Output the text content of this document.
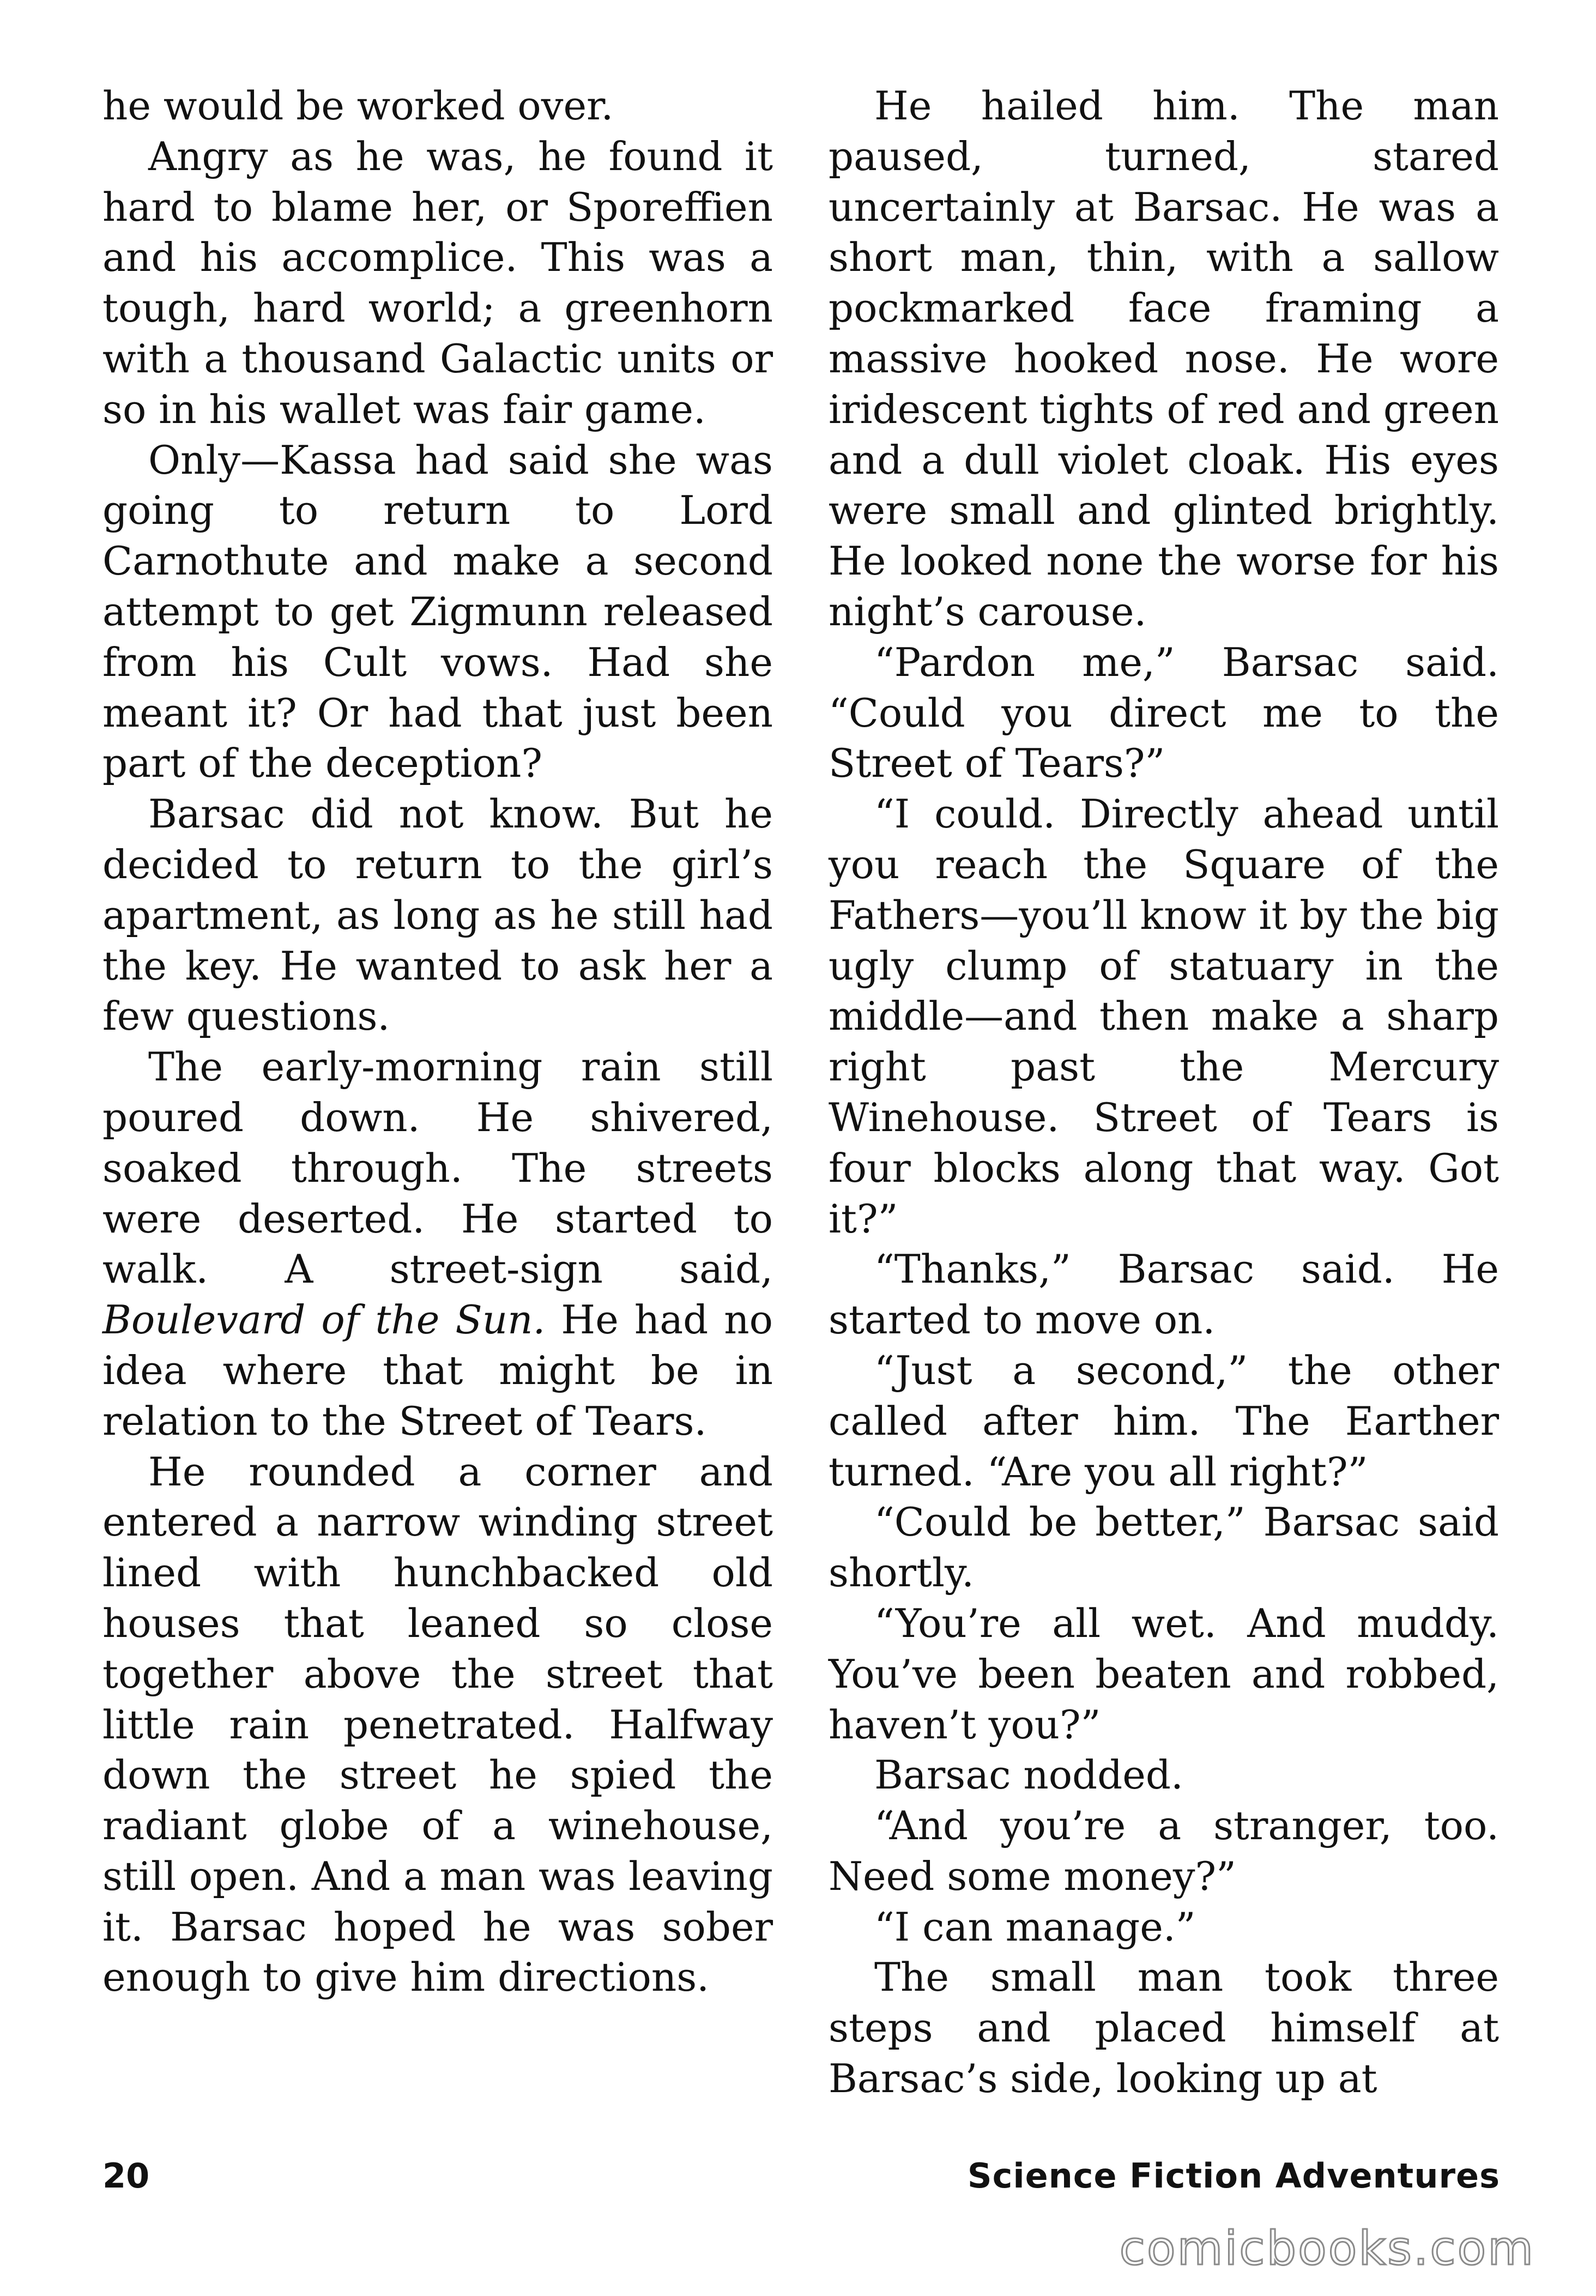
he would be worked over.

Angry as he was, he found it hard to blame her, or Sporeffien and his accomplice. This was a tough, hard world; a greenhorn with a thousand Galactic units or so in his wallet was fair game.

Only—Kassa had said she was going to return to Lord Carnothute and make a second attempt to get Zigmunn released from his Cult vows. Had she meant it? Or had that just been part of the deception?

Barsac did not know. But he decided to return to the girl’s apartment, as long as he still had the key. He wanted to ask her a few questions.

The early-morning rain still poured down. He shivered, soaked through. The streets were deserted. He started to walk. A street-sign said, Boulevard of the Sun. He had no idea where that might be in relation to the Street of Tears.

He rounded a corner and entered a narrow winding street lined with hunchbacked old houses that leaned so close together above the street that little rain penetrated. Halfway down the street he spied the radiant globe of a winehouse, still open. And a man was leaving it. Barsac hoped he was sober enough to give him directions.

He hailed him. The man paused, turned, stared uncertainly at Barsac. He was a short man, thin, with a sallow pockmarked face framing a massive hooked nose. He wore iridescent tights of red and green and a dull violet cloak. His eyes were small and glinted brightly. He looked none the worse for his night’s carouse.

“Pardon me,” Barsac said. “Could you direct me to the Street of Tears?”

“I could. Directly ahead until you reach the Square of the Fathers—you’ll know it by the big ugly clump of statuary in the middle—and then make a sharp right past the Mercury Winehouse. Street of Tears is four blocks along that way. Got it?”

“Thanks,” Barsac said. He started to move on.

“Just a second,” the other called after him. The Earther turned. “Are you all right?”

“Could be better,” Barsac said shortly.

“You’re all wet. And muddy. You’ve been beaten and robbed, haven’t you?”

Barsac nodded.

“And you’re a stranger, too. Need some money?”

“I can manage.”

The small man took three steps and placed himself at Barsac’s side, looking up at

20	Science Fiction Adventures
comicbooks.com
